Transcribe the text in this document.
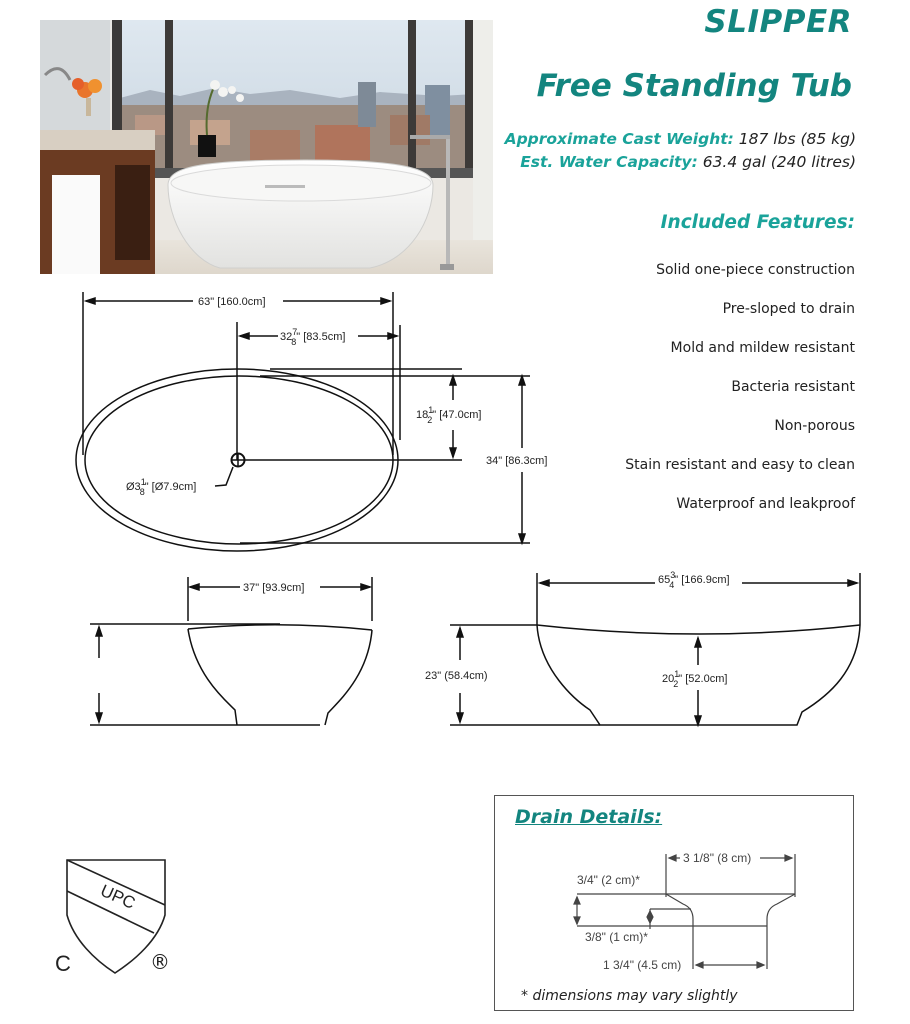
SLIPPER
Free Standing Tub
Approximate Cast Weight: 187 lbs (85 kg)
Est. Water Capacity: 63.4 gal (240 litres)
Included Features:
Solid one-piece construction
Pre-sloped to drain
Mold and mildew resistant
Bacteria resistant
Non-porous
Stain resistant and easy to clean
Waterproof and leakproof
63" [160.0cm]
$32^7$ 8" [83.5cm]
$18^1$ 2" [47.0cm]
34" [86.3cm]
$Ø3^1$ 8" [Ø7.9cm]
37" [93.9cm]
23" (58.4cm)
$65^3$ 4" [166.9cm]
$20^1$ 2" [52.0cm]
UPC
C	®
Drain Details:
3 1/8" (8 cm)
3/4" (2 cm)*
3/8" (1 cm)*
1 3/4" (4.5 cm)
* dimensions may vary slightly
